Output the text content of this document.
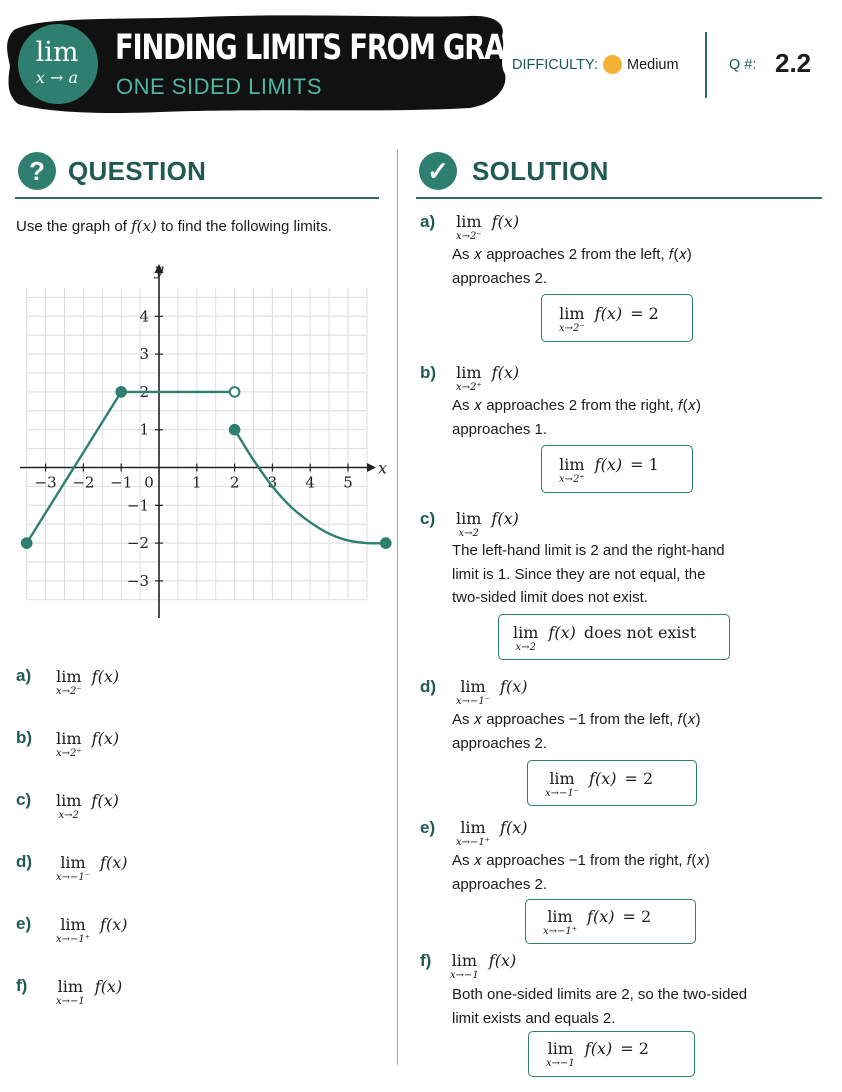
lim
x → a
FINDING LIMITS FROM GRAPH
ONE SIDED LIMITS
DIFFICULTY: Medium	Q #: 2.2
? QUESTION
Use the graph of f(x) to find the following limits.
x
y
−3 −2 −1 0	1 2 3 4 5
−3
−2
−1
1
2
3
4
a) lim
x→2⁻
f(x)
b) lim
x→2⁺
f(x)
c) lim
x→2
f(x)
d) lim
x→−1⁻
f(x)
e) lim
x→−1⁺
f(x)
f) lim
x→−1
f(x)
✓ SOLUTION
a) lim
x→2⁻
f(x)
As 𝑥 approaches 2 from the left, 𝑓(𝑥)
approaches 2.
lim
x→2⁻
f(x) = 2
b) lim
x→2⁺
f(x)
As 𝑥 approaches 2 from the right, 𝑓(𝑥)
approaches 1.
lim
x→2⁺
f(x) = 1
c) lim
x→2
f(x)
The left-hand limit is 2 and the right-hand
limit is 1. Since they are not equal, the
two-sided limit does not exist.
lim
x→2
f(x) does not exist
d) lim
x→−1⁻
f(x)
As 𝑥 approaches −1 from the left, 𝑓(𝑥)
approaches 2.
lim
x→−1⁻
f(x) = 2
e) lim
x→−1⁺
f(x)
As 𝑥 approaches −1 from the right, 𝑓(𝑥)
approaches 2.
lim
x→−1⁺
f(x) = 2
f) lim
x→−1
f(x)
Both one-sided limits are 2, so the two-sided
limit exists and equals 2.
lim
x→−1
f(x) = 2
